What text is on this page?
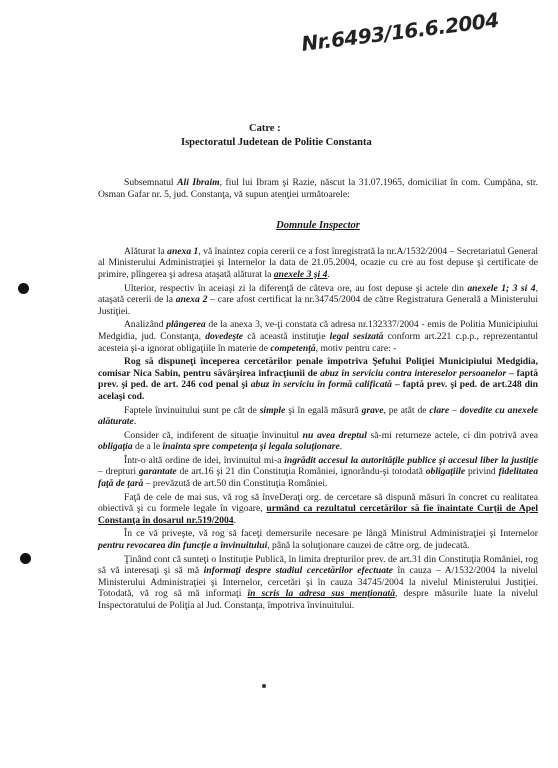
Nr.6493/16.6.2004
Catre :
Ispectoratul Judetean de Politie Constanta

Subsemnatul Ali Ibraim, fiul lui Ibram şi Razie, născut la 31.07.1965, domiciliat în com. Cumpăna, str. Osman Gafar nr. 5, jud. Constanţa, vă supun atenţiei următoarele:

Domnule Inspector

Alăturat la anexa 1, vă înaintez copia cererii ce a fost înregistrată la nr.A/1532/2004 – Secretariatul General al Ministerului Administraţiei şi Internelor la data de 21.05.2004, ocazie cu cre au fost depuse şi certificate de primire, plîngerea şi adresa ataşată alăturat la anexele 3 şi 4.

Ulterior, respectiv în aceiaşi zi la diferenţă de câteva ore, au fost depuse şi actele din anexele 1; 3 si 4, ataşată cererii de la anexa 2 – care afost certificat la nr.34745/2004 de către Registratura Generală a Ministerului Justiţiei.

Analizând plângerea de la anexa 3, ve-ţi constata că adresa nr.132337/2004 - emis de Politia Municipiului Medgidia, jud. Constanţa, dovedeşte că această instituţie legal sesizată conform art.221 c.p.p., reprezentantul acesteia şi-a ignorat obligaţiile în materie de competenţă, motiv pentru care: -

Rog să dispuneţi începerea cercetărilor penale împotriva Şefului Poliţiei Municipiului Medgidia, comisar Nica Sabin, pentru săvârşirea infracţiunii de abuz în serviciu contra intereselor persoanelor – faptă prev. şi ped. de art. 246 cod penal şi abuz în serviciu în formă calificată – faptă prev. şi ped. de art.248 din acelaşi cod.

Faptele învinuitului sunt pe cât de simple şi în egală măsură grave, pe atât de clare – dovedite cu anexele alăturate.

Consider că, indiferent de situaţie învinuitul nu avea dreptul să-mi returneze actele, ci din potrivă avea obligaţia de a le înainta spre competenţa şi legala soluţionare.

Într-o altă ordine de idei, învinuitul mi-a îngrădit accesul la autorităţile publice şi accesul liber la justiţie – drepturi garantate de art.16 şi 21 din Constituţia României, ignorându-şi totodată obligaţiile privind fidelitatea faţă de ţară – prevăzută de art.50 din Constituţia României.

Faţă de cele de mai sus, vă rog să înveDeraţi org. de cercetare să dispună măsuri în concret cu realitatea obiectivă şi cu formele legale în vigoare, urmând ca rezultatul cercetărilor să fie înaintate Curţii de Apel Constanţa în dosarul nr.519/2004.

În ce vă priveşte, vă rog să faceţi demersurile necesare pe lângă Ministrul Administraţiei şi Internelor pentru revocarea din funcţie a învinuitului, până la soluţionare cauzei de către org. de judecată.

Ţinând cont că sunteţi o Instituţie Publică, în limita drepturilor prev. de art.31 din Constituţia României, rog să vă interesaţi şi să mă informaţi despre stadiul cercetărilor efectuate în cauza – A/1532/2004 la nivelul Ministerului Administraţiei şi Internelor, cercetări şi în cauza 34745/2004 la nivelul Ministerului Justiţiei. Totodată, vă rog să mă informaţi în scris la adresa sus menţionată, despre măsurile luate la nivelul Inspectoratului de Poliţia al Jud. Constanţa, împotriva învinuitului.
